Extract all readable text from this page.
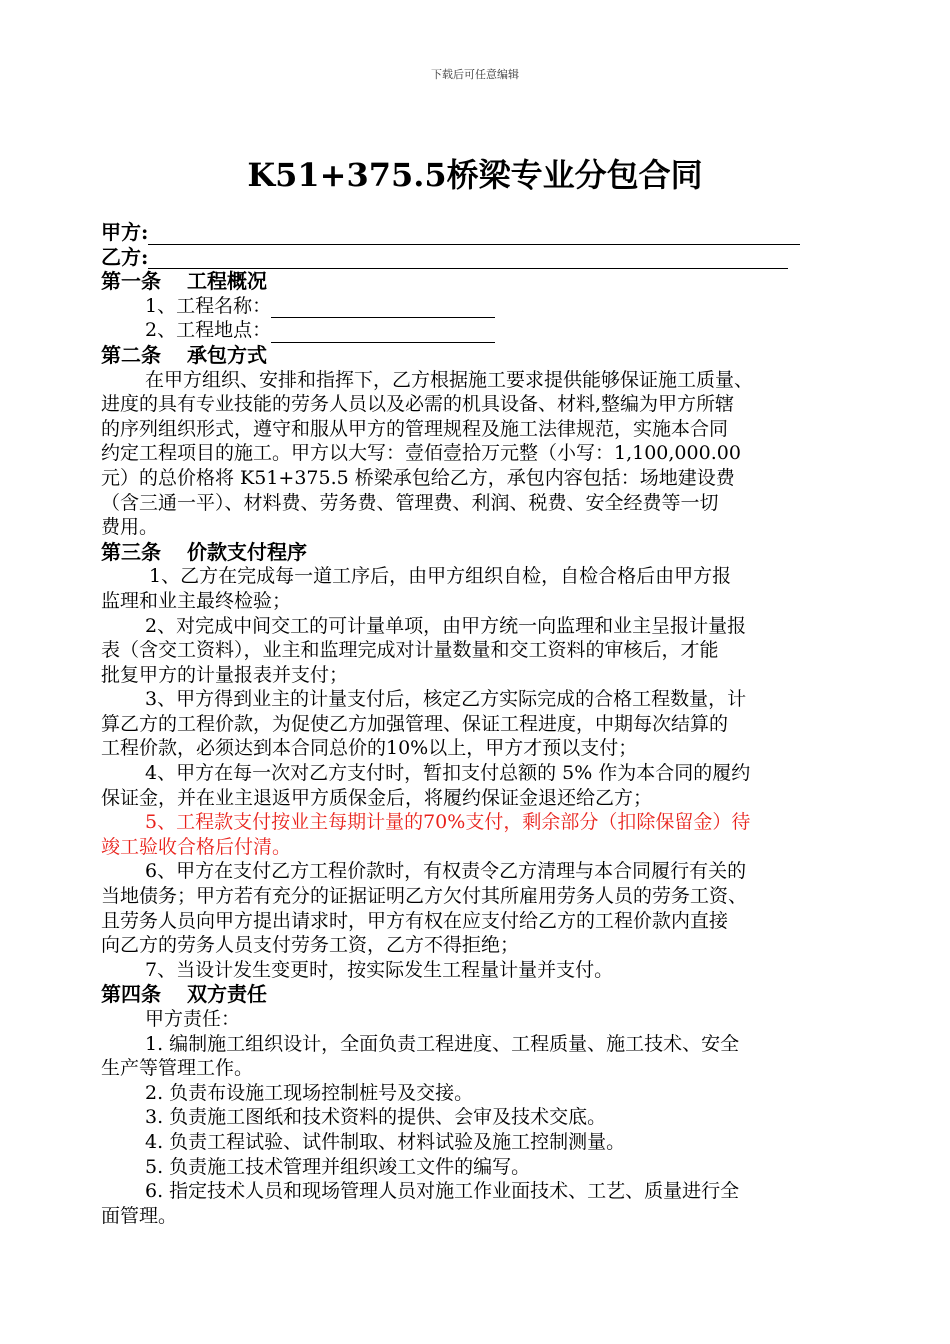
下载后可任意编辑
K51+375.5桥梁专业分包合同
甲方:
乙方:
第一条 工程概况
1、工程名称：
2、工程地点：
第二条 承包方式
在甲方组织、安排和指挥下，乙方根据施工要求提供能够保证施工质量、
进度的具有专业技能的劳务人员以及必需的机具设备、材料,整编为甲方所辖
的序列组织形式，遵守和服从甲方的管理规程及施工法律规范，实施本合同
约定工程项目的施工。甲方以大写：壹佰壹拾万元整（小写：1,100,000.00
元）的总价格将 K51+375.5 桥梁承包给乙方，承包内容包括：场地建设费
（含三通一平）、材料费、劳务费、管理费、利润、税费、安全经费等一切
费用。
第三条 价款支付程序
1、乙方在完成每一道工序后，由甲方组织自检，自检合格后由甲方报
监理和业主最终检验；
2、对完成中间交工的可计量单项，由甲方统一向监理和业主呈报计量报
表（含交工资料），业主和监理完成对计量数量和交工资料的审核后，才能
批复甲方的计量报表并支付；
3、甲方得到业主的计量支付后，核定乙方实际完成的合格工程数量，计
算乙方的工程价款，为促使乙方加强管理、保证工程进度，中期每次结算的
工程价款，必须达到本合同总价的10%以上，甲方才预以支付；
4、甲方在每一次对乙方支付时，暂扣支付总额的 5% 作为本合同的履约
保证金，并在业主退返甲方质保金后，将履约保证金退还给乙方；
5、工程款支付按业主每期计量的70%支付，剩余部分（扣除保留金）待
竣工验收合格后付清。
6、甲方在支付乙方工程价款时，有权责令乙方清理与本合同履行有关的
当地债务；甲方若有充分的证据证明乙方欠付其所雇用劳务人员的劳务工资、
且劳务人员向甲方提出请求时，甲方有权在应支付给乙方的工程价款内直接
向乙方的劳务人员支付劳务工资，乙方不得拒绝；
7、当设计发生变更时，按实际发生工程量计量并支付。
第四条 双方责任
甲方责任：
1. 编制施工组织设计，全面负责工程进度、工程质量、施工技术、安全
生产等管理工作。
2. 负责布设施工现场控制桩号及交接。
3. 负责施工图纸和技术资料的提供、会审及技术交底。
4. 负责工程试验、试件制取、材料试验及施工控制测量。
5. 负责施工技术管理并组织竣工文件的编写。
6. 指定技术人员和现场管理人员对施工作业面技术、工艺、质量进行全
面管理。
